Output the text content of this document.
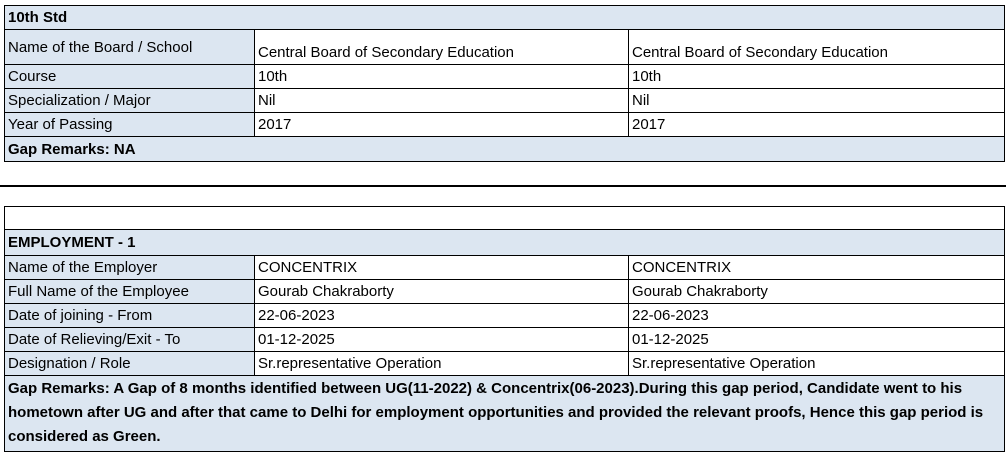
10th Std		
Name of the Board / School	Central Board of Secondary Education	Central Board of Secondary Education
Course	10th	10th
Specialization / Major	Nil	Nil
Year of Passing	2017	2017
Gap Remarks: NA		
EMPLOYMENT - 1		
Name of the Employer	CONCENTRIX	CONCENTRIX
Full Name of the Employee	Gourab Chakraborty	Gourab Chakraborty
Date of joining - From	22-06-2023	22-06-2023
Date of Relieving/Exit - To	01-12-2025	01-12-2025
Designation / Role	Sr.representative Operation	Sr.representative Operation
Gap Remarks: A Gap of 8 months identified between UG(11-2022) & Concentrix(06-2023).During this gap period, Candidate went to his hometown after UG and after that came to Delhi for employment opportunities and provided the relevant proofs, Hence this gap period is considered as Green.		
